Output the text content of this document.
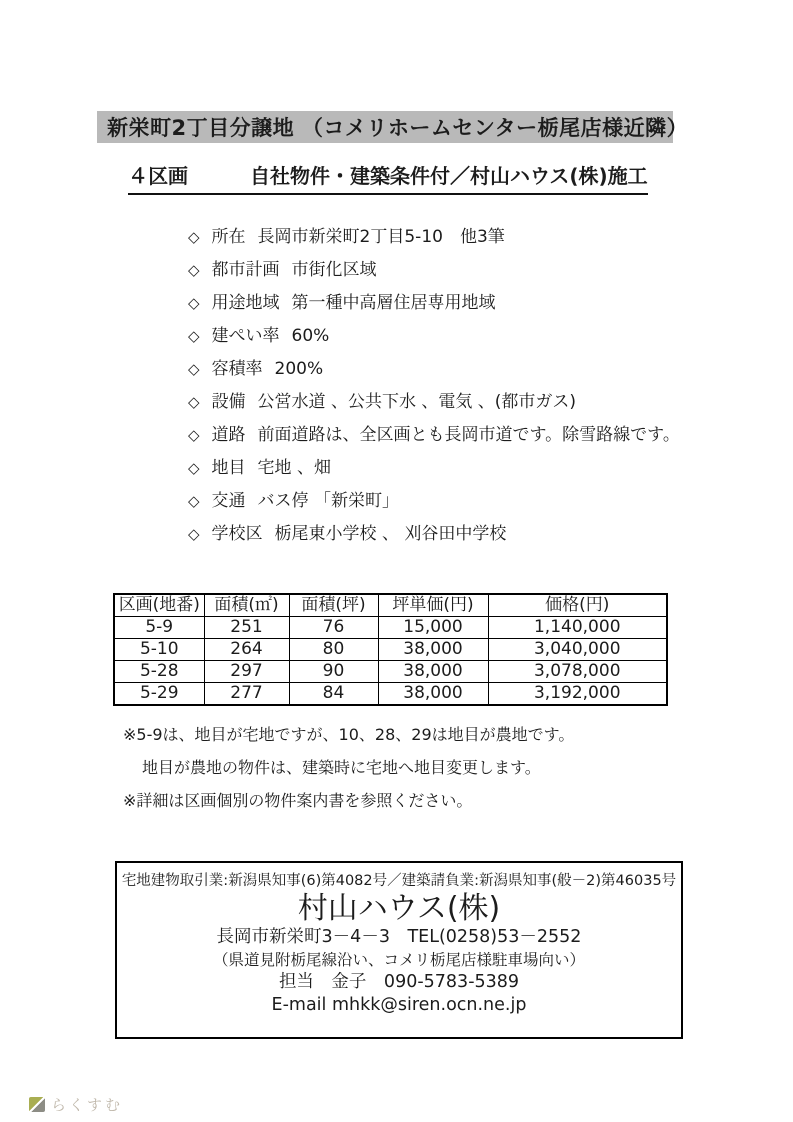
新栄町2丁目分譲地 （コメリホームセンター栃尾店様近隣）
４区画	自社物件・建築条件付／村山ハウス(株)施工
◇ 所在 長岡市新栄町2丁目5-10　他3筆
◇ 都市計画 市街化区域
◇ 用途地域 第一種中高層住居専用地域
◇ 建ぺい率 60%
◇ 容積率 200%
◇ 設備 公営水道 、公共下水 、電気 、(都市ガス)
◇ 道路 前面道路は、全区画とも長岡市道です。除雪路線です。
◇ 地目 宅地 、畑
◇ 交通 バス停 「新栄町」
◇ 学校区 栃尾東小学校 、 刈谷田中学校
区画(地番)	面積(㎡)	面積(坪)	坪単価(円)	価格(円)
5-9	251	76	15,000	1,140,000
5-10	264	80	38,000	3,040,000
5-28	297	90	38,000	3,078,000
5-29	277	84	38,000	3,192,000
※5-9は、地目が宅地ですが、10、28、29は地目が農地です。
地目が農地の物件は、建築時に宅地へ地目変更します。
※詳細は区画個別の物件案内書を参照ください。
宅地建物取引業:新潟県知事(6)第4082号／建築請負業:新潟県知事(般－2)第46035号
村山ハウス(株)
長岡市新栄町3－4－3　TEL(0258)53－2552
（県道見附栃尾線沿い、コメリ栃尾店様駐車場向い）
担当　金子　090-5783-5389
E-mail mhkk@siren.ocn.ne.jp
らくすむ
